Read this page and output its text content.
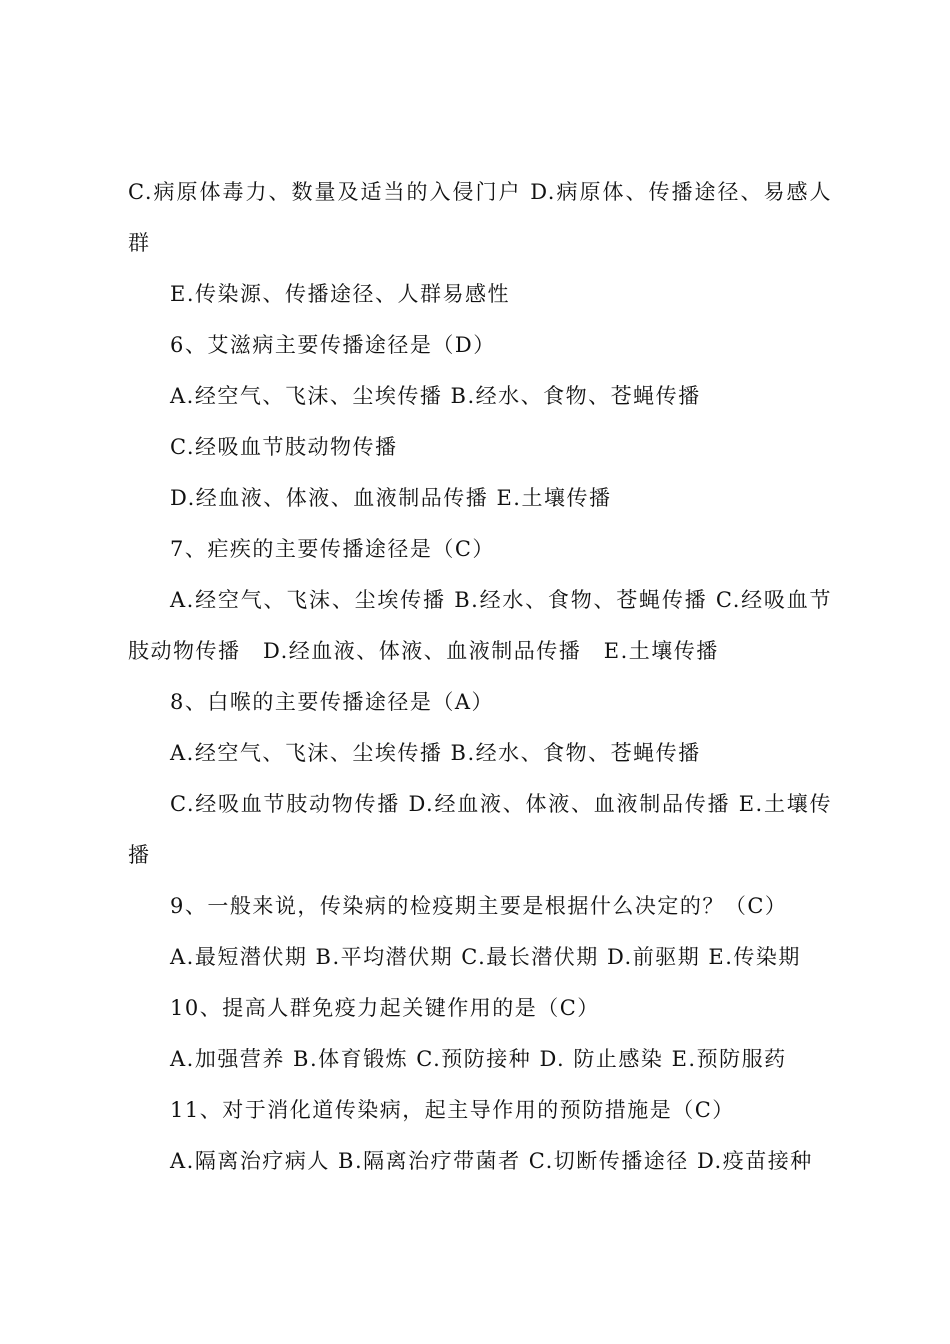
C.病原体毒力、数量及适当的入侵门户 D.病原体、传播途径、易感人群

E.传染源、传播途径、人群易感性

6、艾滋病主要传播途径是（D）

A.经空气、飞沫、尘埃传播 B.经水、食物、苍蝇传播

C.经吸血节肢动物传播

D.经血液、体液、血液制品传播 E.土壤传播

7、疟疾的主要传播途径是（C）

A.经空气、飞沫、尘埃传播 B.经水、食物、苍蝇传播 C.经吸血节肢动物传播　D.经血液、体液、血液制品传播　E.土壤传播

8、白喉的主要传播途径是（A）

A.经空气、飞沫、尘埃传播 B.经水、食物、苍蝇传播

C.经吸血节肢动物传播 D.经血液、体液、血液制品传播 E.土壤传播

9、一般来说，传染病的检疫期主要是根据什么决定的？（C）

A.最短潜伏期 B.平均潜伏期 C.最长潜伏期 D.前驱期 E.传染期

10、提高人群免疫力起关键作用的是（C）

A.加强营养 B.体育锻炼 C.预防接种 D. 防止感染 E.预防服药

11、对于消化道传染病，起主导作用的预防措施是（C）

A.隔离治疗病人 B.隔离治疗带菌者 C.切断传播途径 D.疫苗接种
